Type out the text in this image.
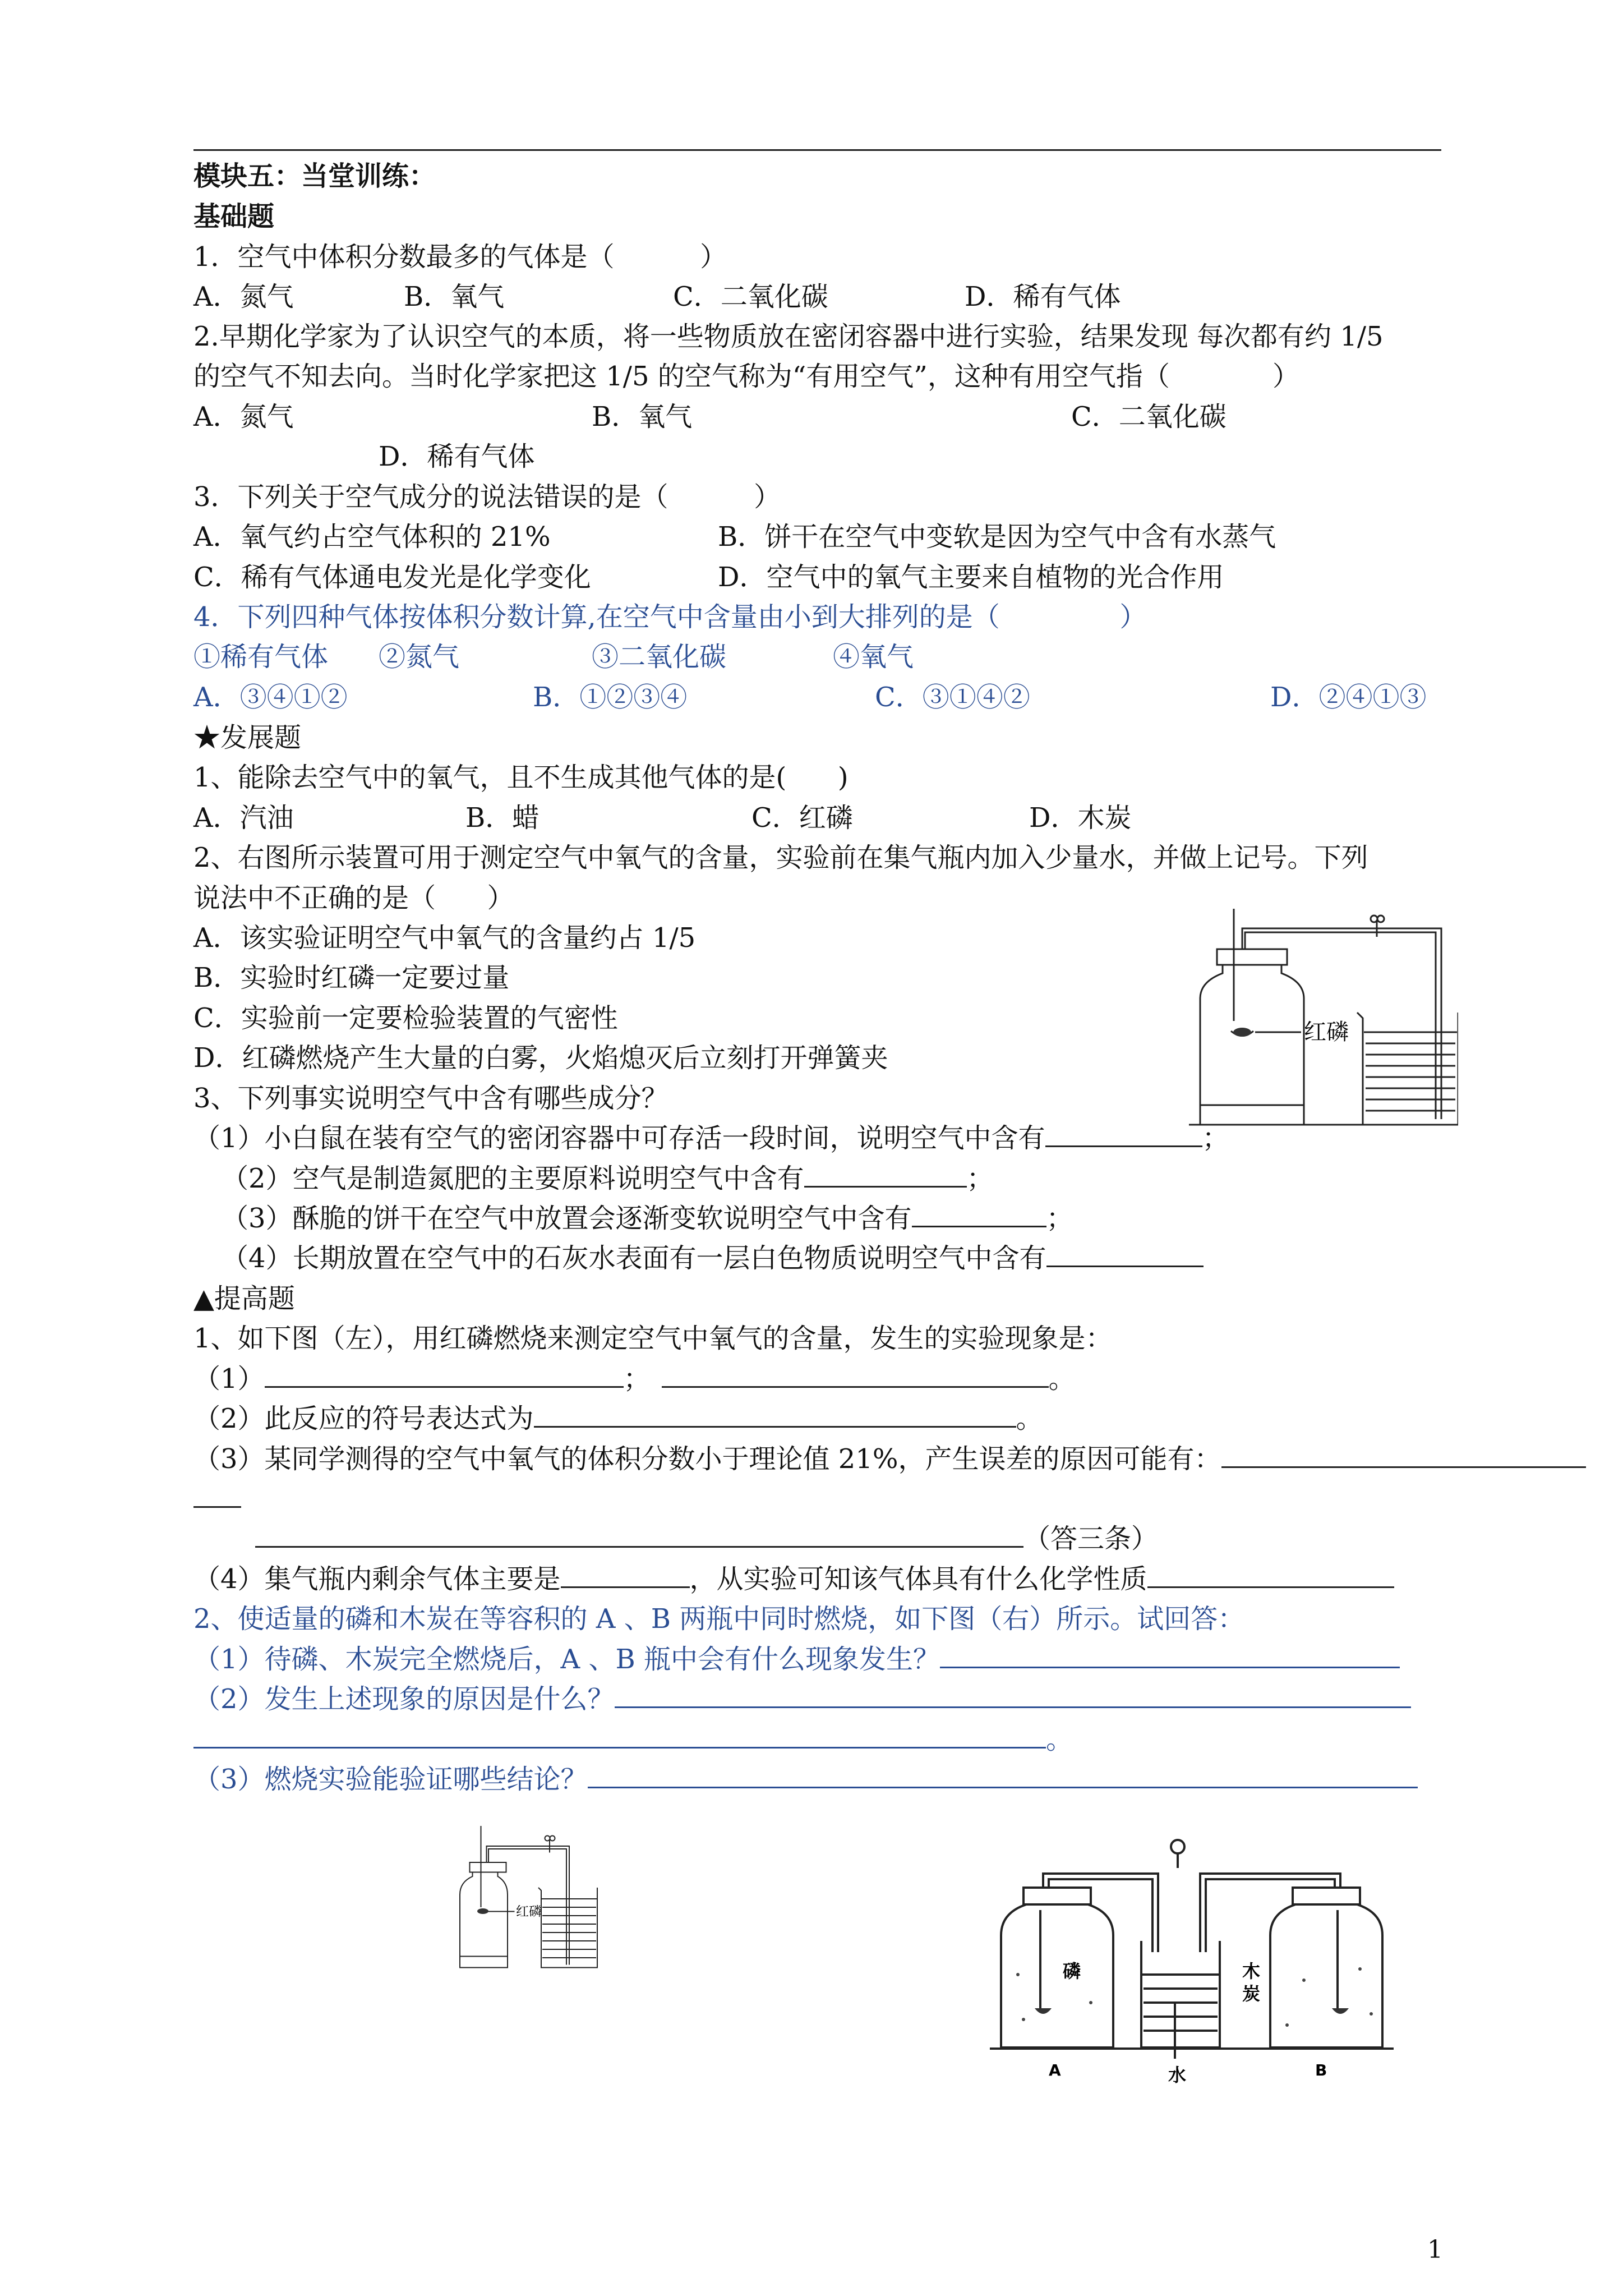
模块五：当堂训练：
基础题
1．空气中体积分数最多的气体是（          ）
A．氮气	B．氧气	C．二氧化碳	D．稀有气体
2.早期化学家为了认识空气的本质，将一些物质放在密闭容器中进行实验，结果发现 每次都有约 1/5
的空气不知去向。当时化学家把这 1/5 的空气称为“有用空气”，这种有用空气指（            ）
A．氮气	B．氧气	C．二氧化碳
D．稀有气体
3．下列关于空气成分的说法错误的是（          ）
A．氧气约占空气体积的 21%	B．饼干在空气中变软是因为空气中含有水蒸气
C．稀有气体通电发光是化学变化	D．空气中的氧气主要来自植物的光合作用
4．下列四种气体按体积分数计算,在空气中含量由小到大排列的是（              ）
①稀有气体 ②氮气	③二氧化碳	④氧气
A．③④①②	B．①②③④	C．③①④②	D．②④①③
★发展题
1、能除去空气中的氧气，且不生成其他气体的是(      )
A．汽油	B．蜡	C．红磷	D．木炭
2、右图所示装置可用于测定空气中氧气的含量，实验前在集气瓶内加入少量水，并做上记号。下列
说法中不正确的是（      ）
A．该实验证明空气中氧气的含量约占 1/5
B．实验时红磷一定要过量
C．实验前一定要检验装置的气密性
D．红磷燃烧产生大量的白雾，火焰熄灭后立刻打开弹簧夹
红磷
3、下列事实说明空气中含有哪些成分？
（1）小白鼠在装有空气的密闭容器中可存活一段时间，说明空气中含有	；
（2）空气是制造氮肥的主要原料说明空气中含有	；
（3）酥脆的饼干在空气中放置会逐渐变软说明空气中含有	；
（4）长期放置在空气中的石灰水表面有一层白色物质说明空气中含有
▲提高题
1、如下图（左），用红磷燃烧来测定空气中氧气的含量，发生的实验现象是：
（1）	；	。
（2）此反应的符号表达式为	。
（3）某同学测得的空气中氧气的体积分数小于理论值 21%，产生误差的原因可能有：
（答三条）
（4）集气瓶内剩余气体主要是	，从实验可知该气体具有什么化学性质
2、使适量的磷和木炭在等容积的 A 、B 两瓶中同时燃烧，如下图（右）所示。试回答：
（1）待磷、木炭完全燃烧后，A 、B 瓶中会有什么现象发生？
（2）发生上述现象的原因是什么？
。
（3）燃烧实验能验证哪些结论？
红磷
磷	木
炭
A	水	B
1
